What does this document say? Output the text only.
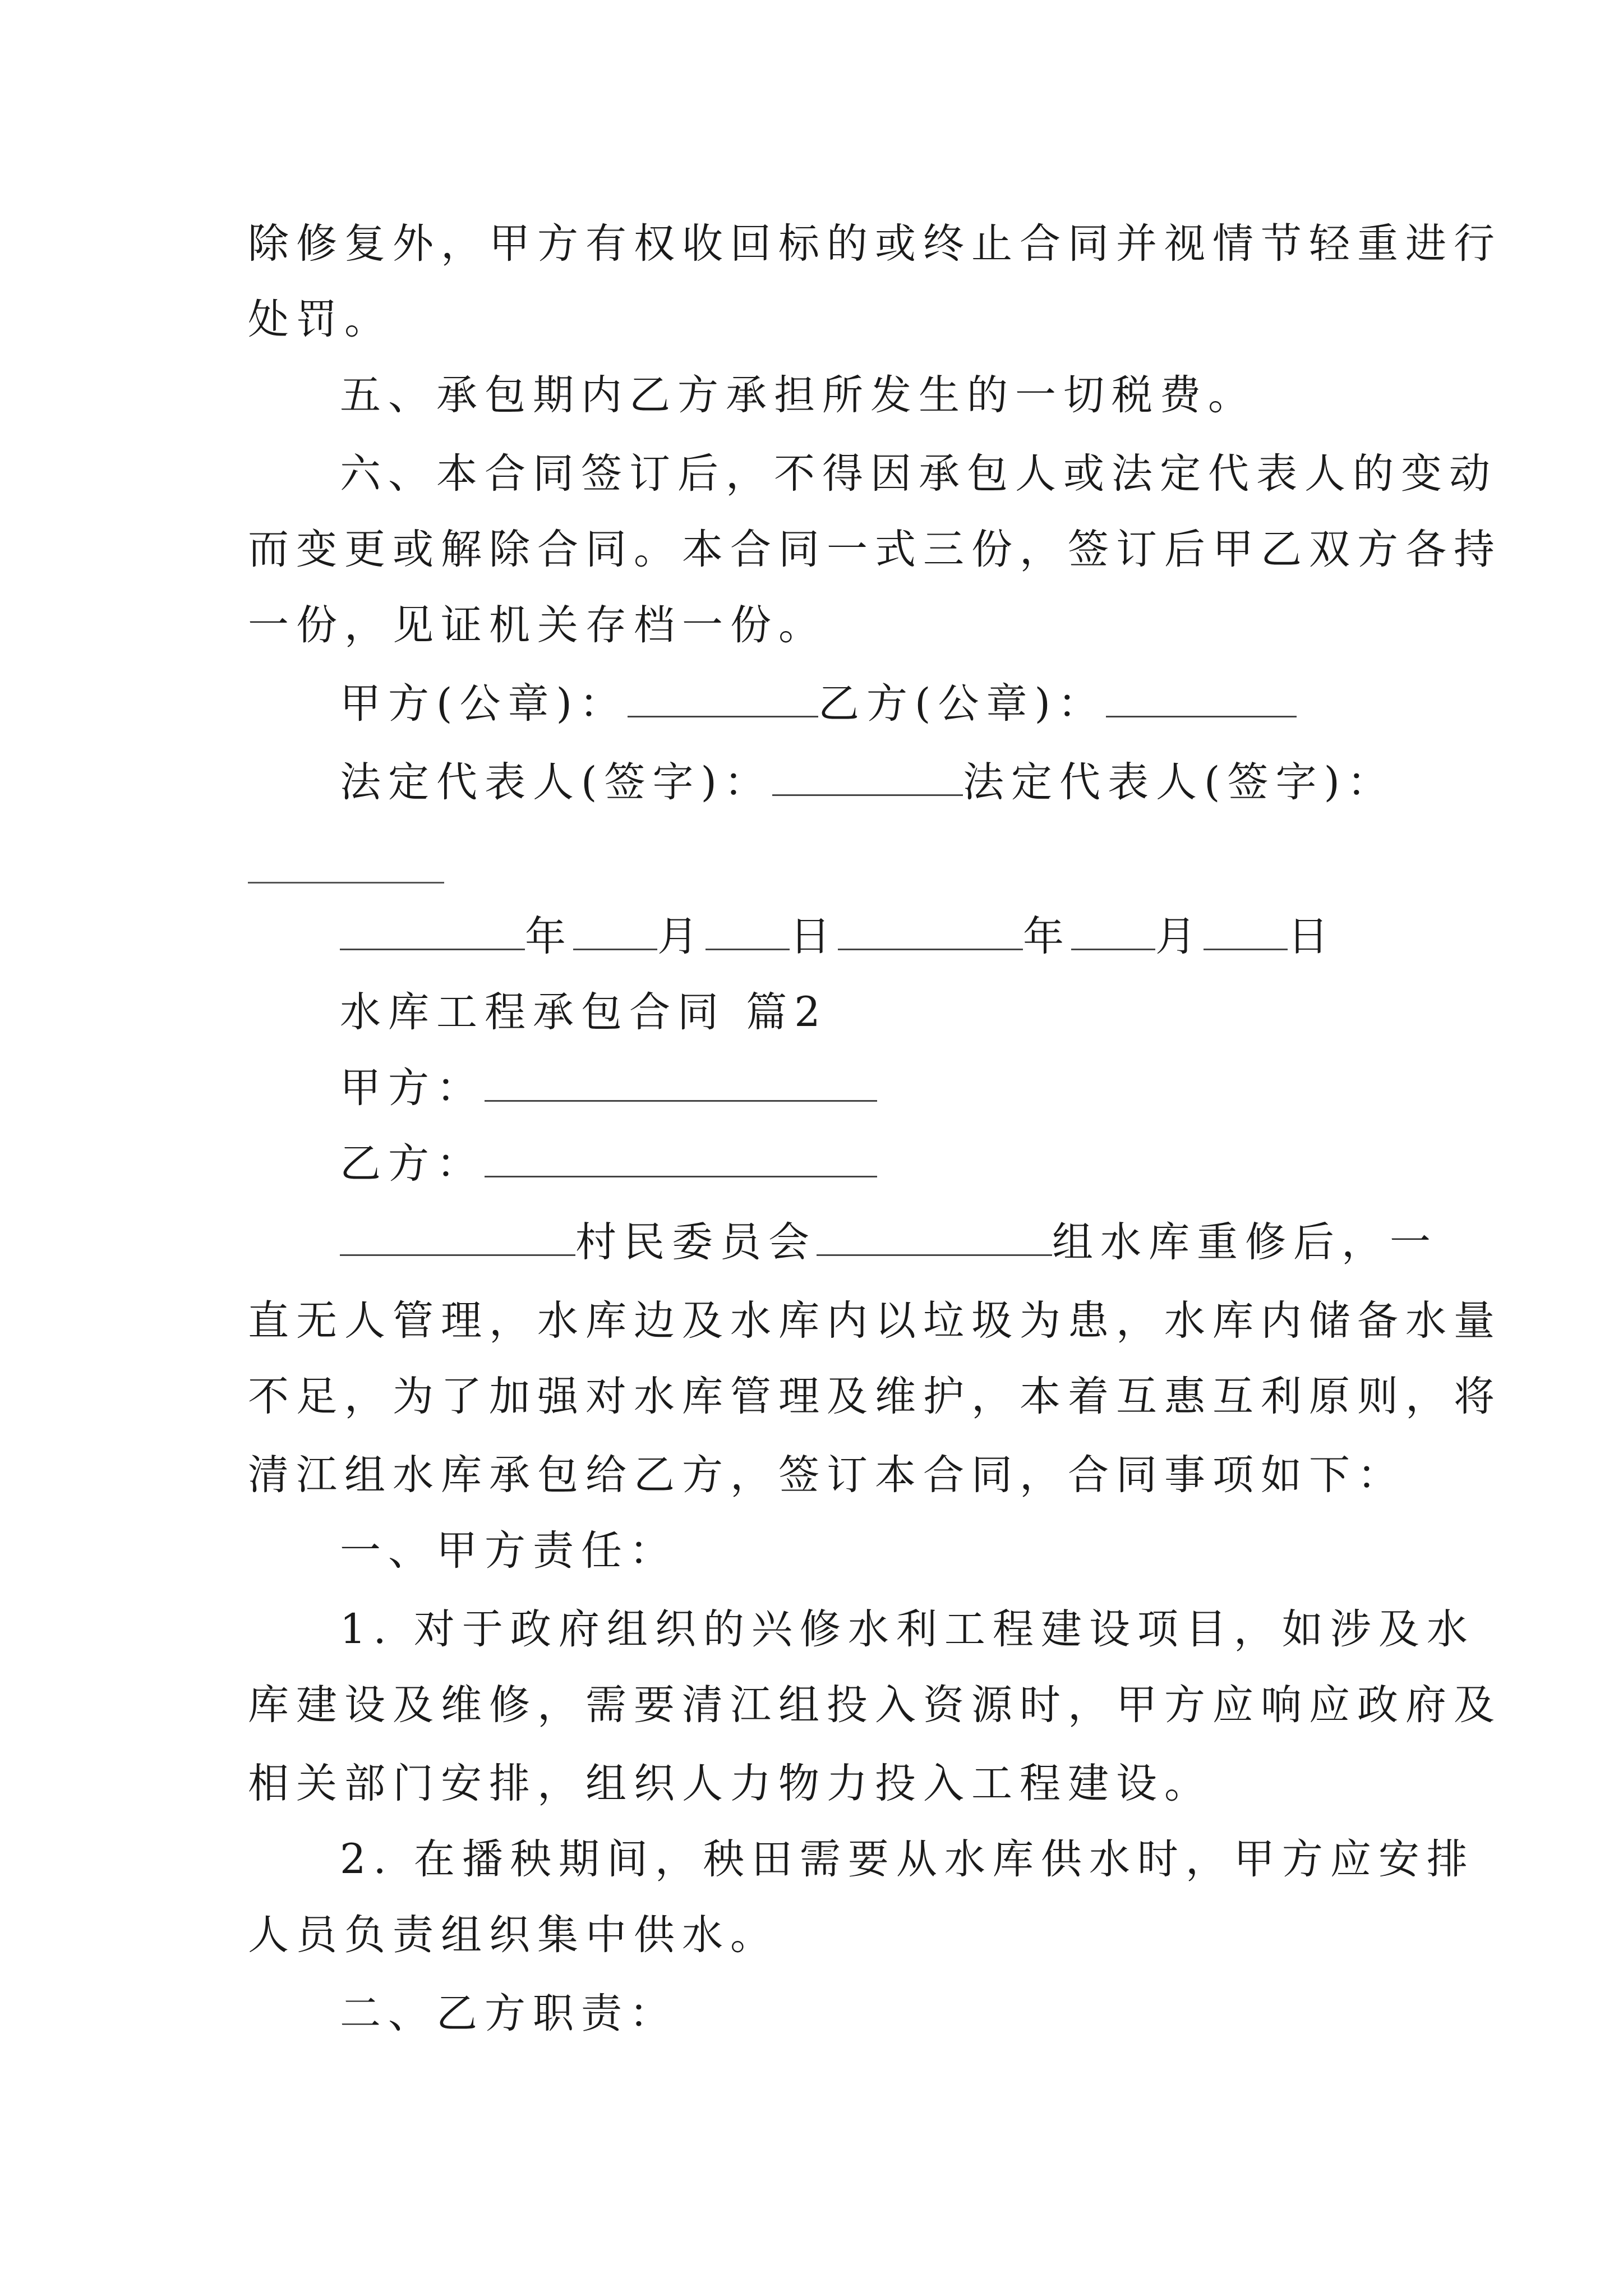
除修复外，甲方有权收回标的或终止合同并视情节轻重进行
处罚。
五、承包期内乙方承担所发生的一切税费。
六、本合同签订后，不得因承包人或法定代表人的变动
而变更或解除合同。本合同一式三份，签订后甲乙双方各持
一份，见证机关存档一份。
甲方(公章)：	乙方(公章)：
法定代表人(签字)：	法定代表人(签字)：
年 月 日	年 月 日
水库工程承包合同 篇2
甲方：
乙方：
村民委员会	组水库重修后，一
直无人管理，水库边及水库内以垃圾为患，水库内储备水量
不足，为了加强对水库管理及维护，本着互惠互利原则，将
清江组水库承包给乙方，签订本合同，合同事项如下：
一、甲方责任：
1. 对于政府组织的兴修水利工程建设项目，如涉及水
库建设及维修，需要清江组投入资源时，甲方应响应政府及
相关部门安排，组织人力物力投入工程建设。
2. 在播秧期间，秧田需要从水库供水时，甲方应安排
人员负责组织集中供水。
二、乙方职责：
